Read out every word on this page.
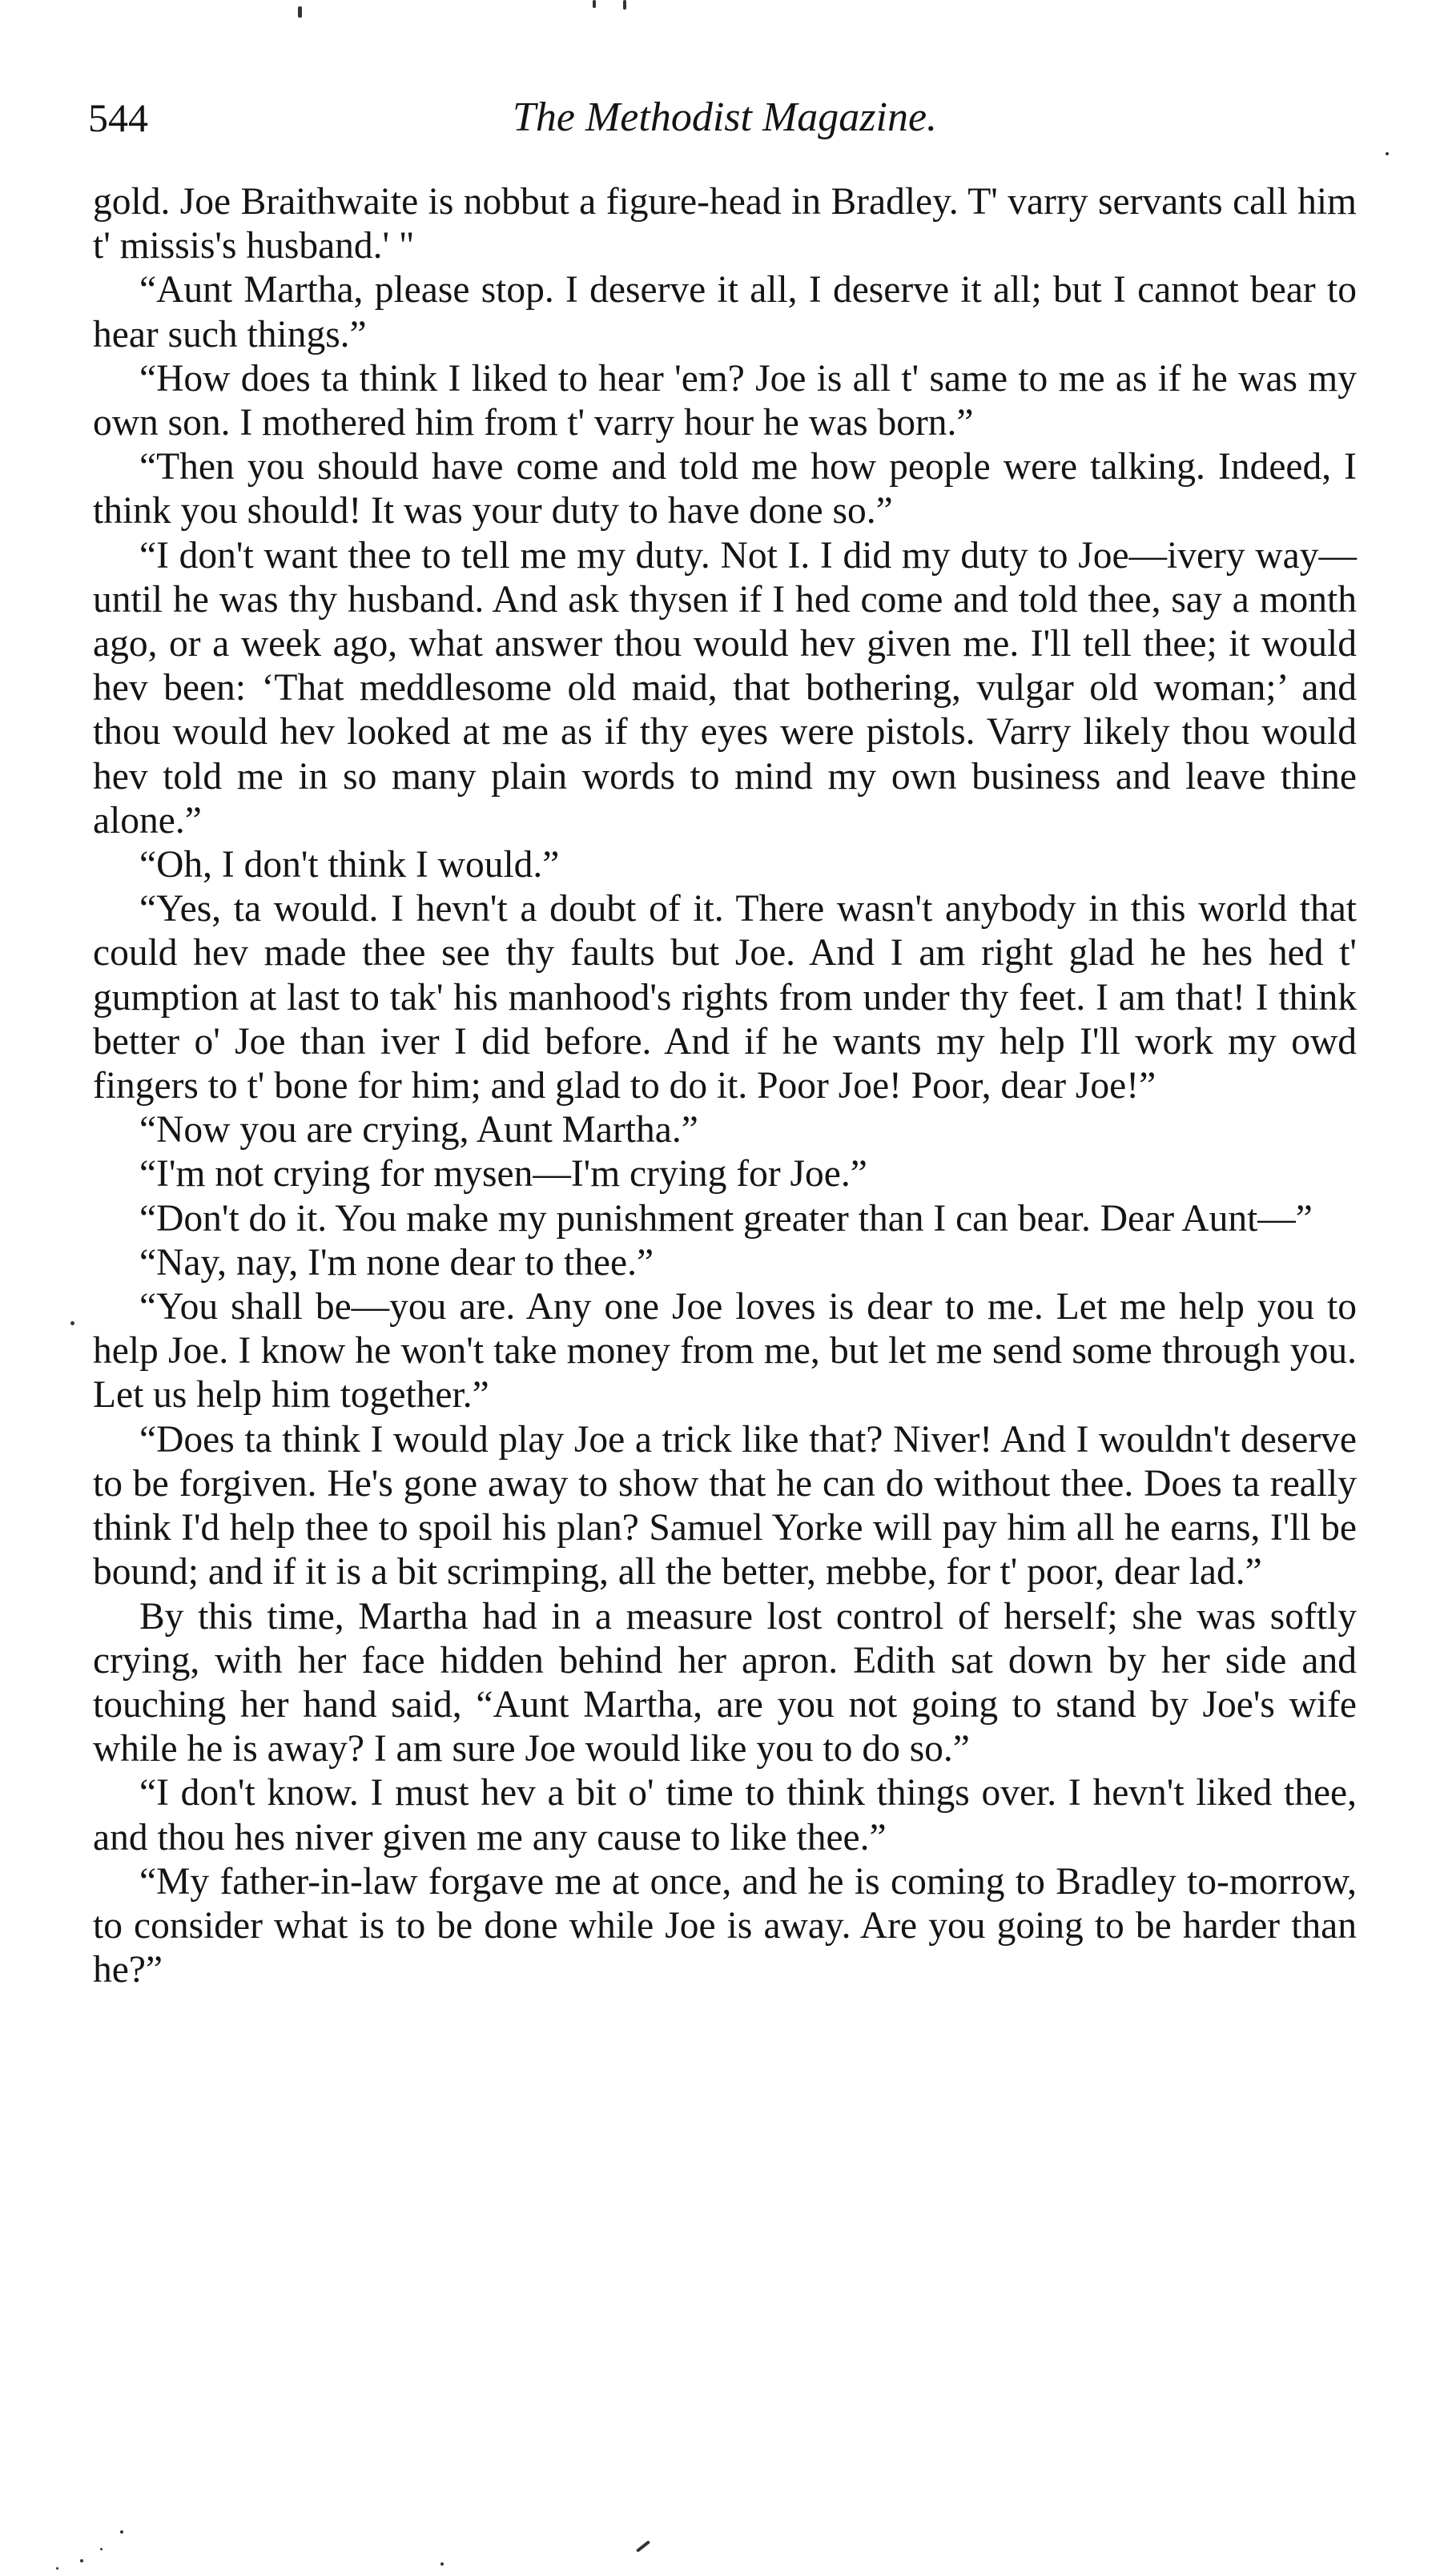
544	The Methodist Magazine.

gold. Joe Braithwaite is nobbut a figure-head in Bradley. T' varry servants call him t' missis's husband.' "

“Aunt Martha, please stop. I deserve it all, I deserve it all; but I cannot bear to hear such things.”

“How does ta think I liked to hear 'em? Joe is all t' same to me as if he was my own son. I mothered him from t' varry hour he was born.”

“Then you should have come and told me how people were talking. Indeed, I think you should! It was your duty to have done so.”

“I don't want thee to tell me my duty. Not I. I did my duty to Joe—ivery way—until he was thy husband. And ask thysen if I hed come and told thee, say a month ago, or a week ago, what answer thou would hev given me. I'll tell thee; it would hev been: ‘That meddlesome old maid, that bothering, vulgar old woman;’ and thou would hev looked at me as if thy eyes were pistols. Varry likely thou would hev told me in so many plain words to mind my own business and leave thine alone.”

“Oh, I don't think I would.”

“Yes, ta would. I hevn't a doubt of it. There wasn't anybody in this world that could hev made thee see thy faults but Joe. And I am right glad he hes hed t' gumption at last to tak' his manhood's rights from under thy feet. I am that! I think better o' Joe than iver I did before. And if he wants my help I'll work my owd fingers to t' bone for him; and glad to do it. Poor Joe! Poor, dear Joe!”

“Now you are crying, Aunt Martha.”

“I'm not crying for mysen—I'm crying for Joe.”

“Don't do it. You make my punishment greater than I can bear. Dear Aunt—”

“Nay, nay, I'm none dear to thee.”

“You shall be—you are. Any one Joe loves is dear to me. Let me help you to help Joe. I know he won't take money from me, but let me send some through you. Let us help him together.”

“Does ta think I would play Joe a trick like that? Niver! And I wouldn't deserve to be forgiven. He's gone away to show that he can do without thee. Does ta really think I'd help thee to spoil his plan? Samuel Yorke will pay him all he earns, I'll be bound; and if it is a bit scrimping, all the better, mebbe, for t' poor, dear lad.”

By this time, Martha had in a measure lost control of herself; she was softly crying, with her face hidden behind her apron. Edith sat down by her side and touching her hand said, “Aunt Martha, are you not going to stand by Joe's wife while he is away? I am sure Joe would like you to do so.”

“I don't know. I must hev a bit o' time to think things over. I hevn't liked thee, and thou hes niver given me any cause to like thee.”

“My father-in-law forgave me at once, and he is coming to Bradley to-morrow, to consider what is to be done while Joe is away. Are you going to be harder than he?”
